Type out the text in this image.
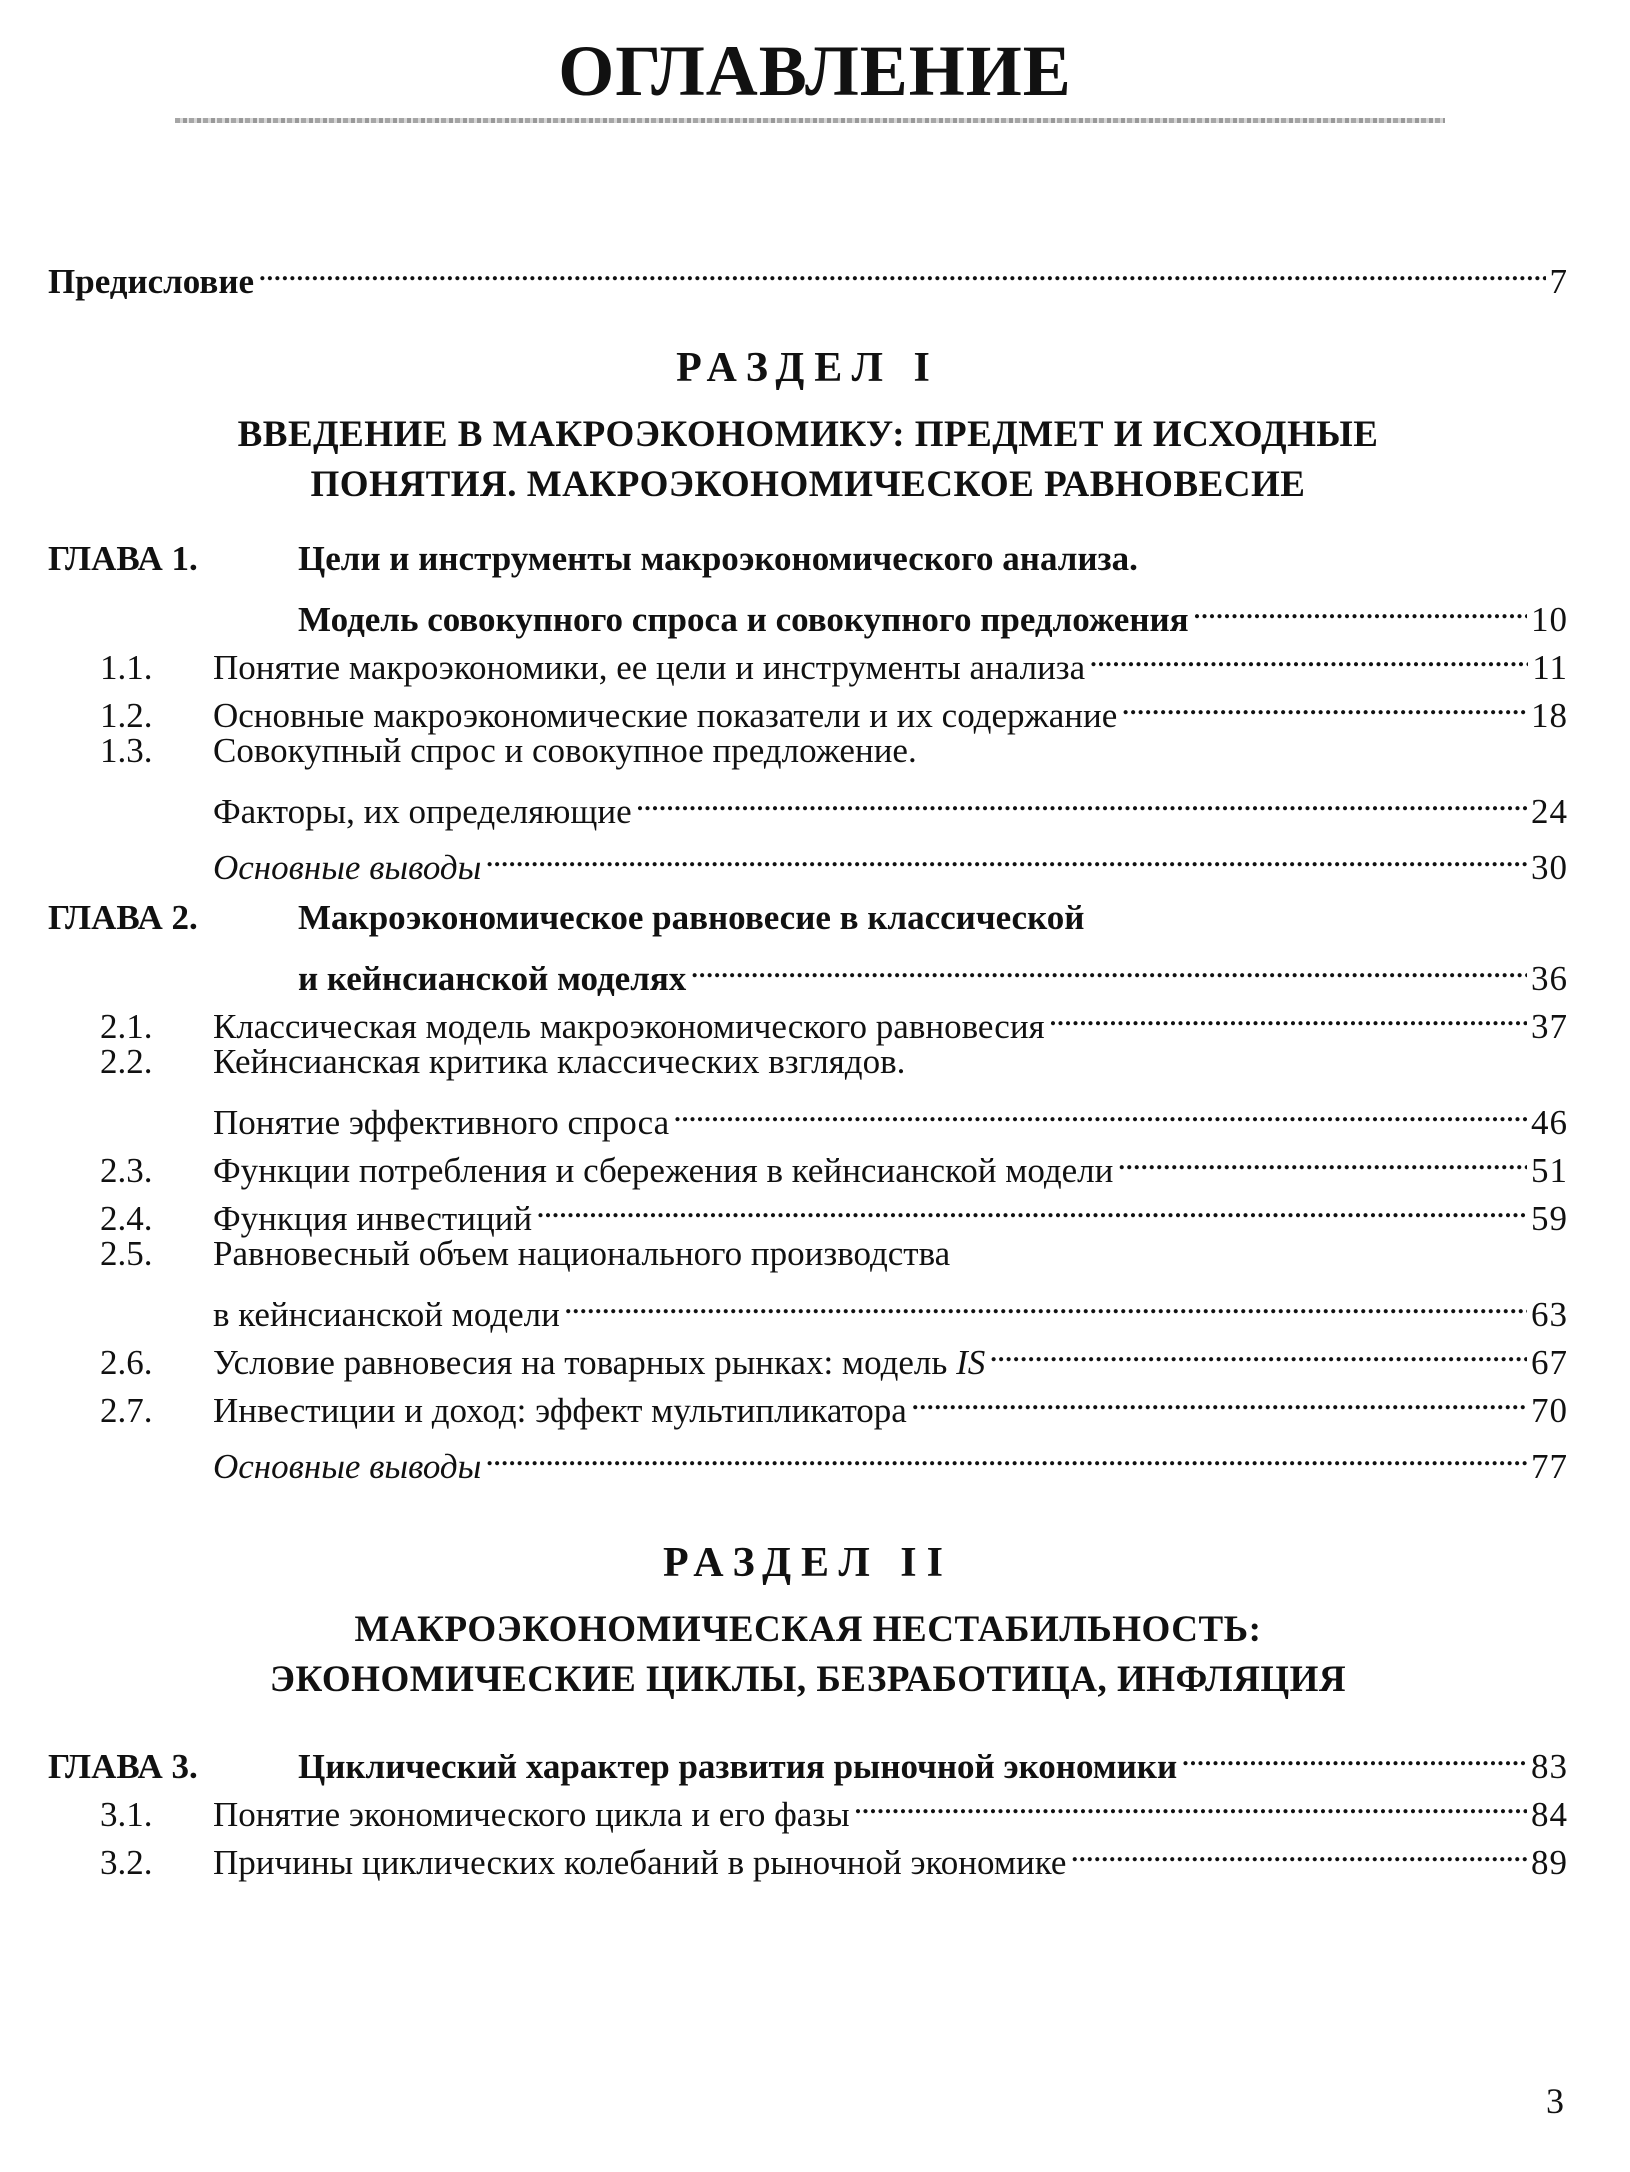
ОГЛАВЛЕНИЕ
Предисловие . . .	7
РАЗДЕЛ I
ВВЕДЕНИЕ В МАКРОЭКОНОМИКУ: ПРЕДМЕТ И ИСХОДНЫЕ
ПОНЯТИЯ. МАКРОЭКОНОМИЧЕСКОЕ РАВНОВЕСИЕ
ГЛАВА 1.	Цели и инструменты макроэкономического анализа.
Модель совокупного спроса и совокупного предложения . . .	10
1.1.	Понятие макроэкономики, ее цели и инструменты анализа . . .	11
1.2.	Основные макроэкономические показатели и их содержание . . .	18
1.3.	Совокупный спрос и совокупное предложение.
Факторы, их определяющие . . .	24
Основные выводы . . .	30
ГЛАВА 2.	Макроэкономическое равновесие в классической
и кейнсианской моделях . . .	36
2.1.	Классическая модель макроэкономического равновесия . . .	37
2.2.	Кейнсианская критика классических взглядов.
Понятие эффективного спроса . . .	46
2.3.	Функции потребления и сбережения в кейнсианской модели . . .	51
2.4.	Функция инвестиций . . .	59
2.5.	Равновесный объем национального производства
в кейнсианской модели . . .	63
2.6.	Условие равновесия на товарных рынках: модель IS . . .	67
2.7.	Инвестиции и доход: эффект мультипликатора . . .	70
Основные выводы . . .	77
РАЗДЕЛ II
МАКРОЭКОНОМИЧЕСКАЯ НЕСТАБИЛЬНОСТЬ:
ЭКОНОМИЧЕСКИЕ ЦИКЛЫ, БЕЗРАБОТИЦА, ИНФЛЯЦИЯ
ГЛАВА 3.	Циклический характер развития рыночной экономики . . .	83
3.1.	Понятие экономического цикла и его фазы . . .	84
3.2.	Причины циклических колебаний в рыночной экономике . . .	89
3
